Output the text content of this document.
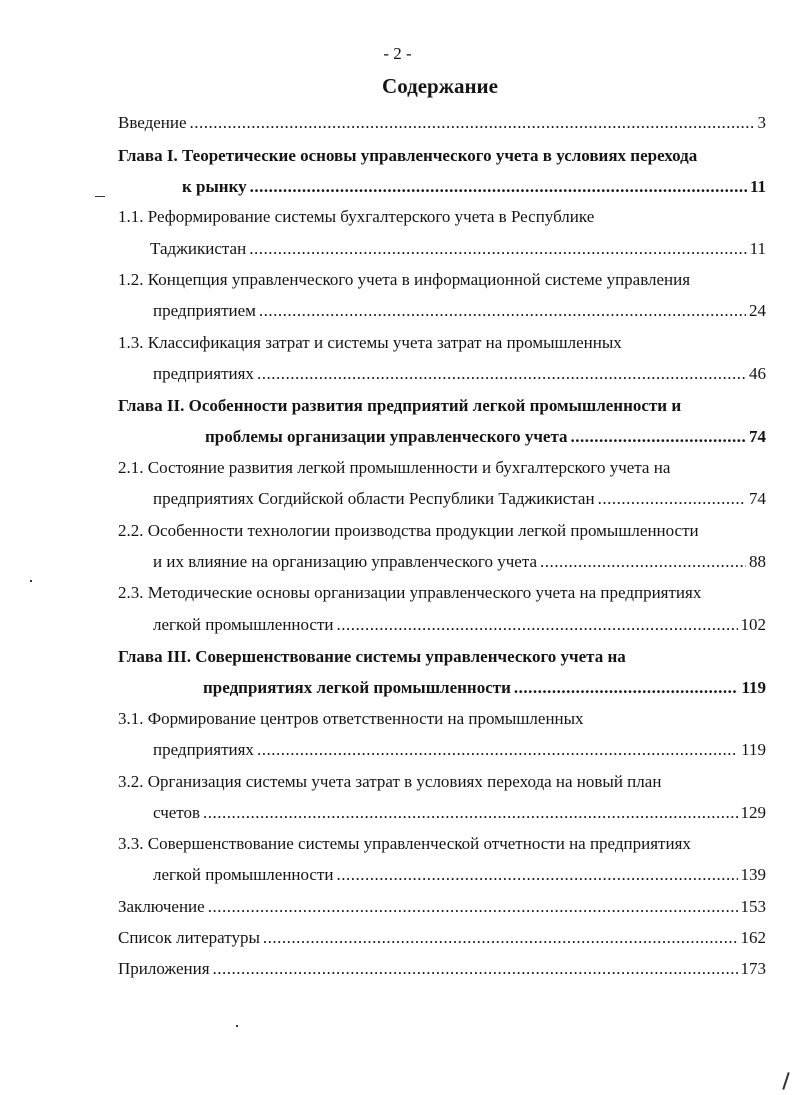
- 2 -
Содержание
Введение .....	3
Глава I. Теоретические основы управленческого учета в условиях перехода
к рынку .....	11
1.1. Реформирование системы бухгалтерского учета в Республике
Таджикистан .....	11
1.2. Концепция управленческого учета в информационной системе управления
предприятием .....	24
1.3. Классификация затрат и системы учета затрат на промышленных
предприятиях .....	46
Глава II. Особенности развития предприятий легкой промышленности и
проблемы организации управленческого учета .....	74
2.1. Состояние развития легкой промышленности и бухгалтерского учета на
предприятиях Согдийской области Республики Таджикистан .....	74
2.2. Особенности технологии производства продукции легкой промышленности
и их влияние на организацию управленческого учета .....	88
2.3. Методические основы организации управленческого учета на предприятиях
легкой промышленности .....	102
Глава III. Совершенствование системы управленческого учета на
предприятиях легкой промышленности .....	119
3.1. Формирование центров ответственности на промышленных
предприятиях .....	119
3.2. Организация системы учета затрат в условиях перехода на новый план
счетов .....	129
3.3. Совершенствование системы управленческой отчетности на предприятиях
легкой промышленности .....	139
Заключение .....	153
Список литературы .....	162
Приложения .....	173
